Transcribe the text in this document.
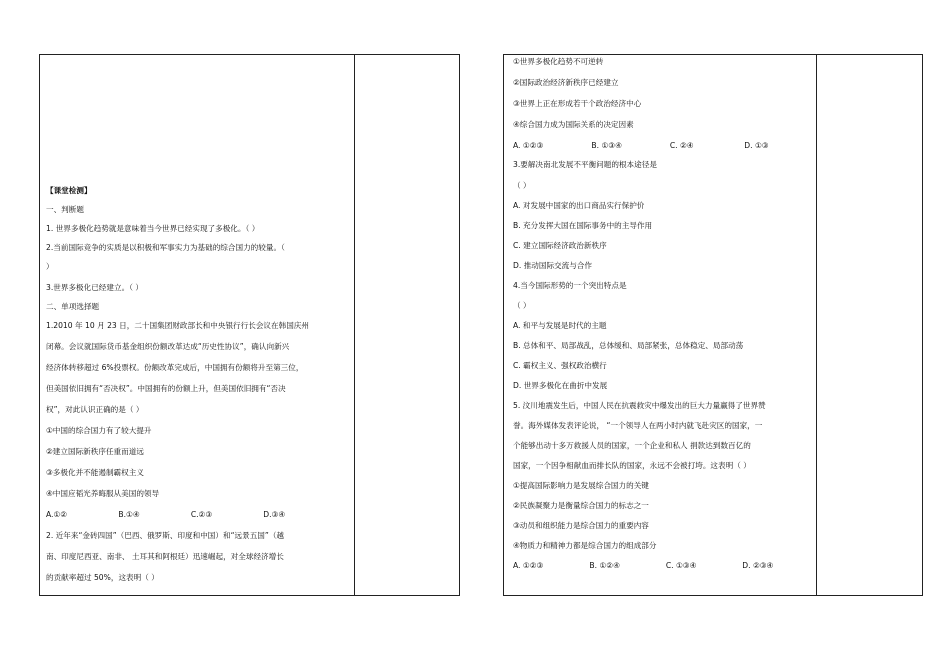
【课堂检测】
一、判断题
1. 世界多极化趋势就是意味着当今世界已经实现了多极化。（ ）
2.当前国际竞争的实质是以积极和军事实力为基础的综合国力的较量。（
）
3.世界多极化已经建立。（ ）
二、单项选择题
1.2010 年 10 月 23 日，二十国集团财政部长和中央银行行长会议在韩国庆州
闭幕。会议就国际货币基金组织份额改革达成“历史性协议”，确认向新兴
经济体转移超过 6%投票权。份额改革完成后，中国拥有份额将升至第三位，
但美国依旧拥有“否决权”。中国拥有的份额上升，但美国依旧拥有“否决
权”，对此认识正确的是（ ）
①中国的综合国力有了较大提升
②建立国际新秩序任重而道远
③多极化并不能遏制霸权主义
④中国应韬光养晦服从美国的领导
A.①②	B.①④	C.②③	D.③④
2. 近年来“金砖四国”（巴西、俄罗斯、印度和中国）和“远景五国”（越
南、印度尼西亚、南非、 土耳其和阿根廷）迅速崛起，对全球经济增长
的贡献率超过 50%，这表明（ ）
①世界多极化趋势不可逆转
②国际政治经济新秩序已经建立
③世界上正在形成若干个政治经济中心
④综合国力成为国际关系的决定因素
A. ①②③	B. ①③④	C. ②④	D. ①③
3.要解决南北发展不平衡问题的根本途径是
（ ）
A. 对发展中国家的出口商品实行保护价
B. 充分发挥大国在国际事务中的主导作用
C. 建立国际经济政治新秩序
D. 推动国际交流与合作
4.当今国际形势的一个突出特点是
（ ）
A. 和平与发展是时代的主题
B. 总体和平、局部战乱，总体缓和、局部紧张，总体稳定、局部动荡
C. 霸权主义、强权政治横行
D. 世界多极化在曲折中发展
5. 汶川地震发生后，中国人民在抗震救灾中爆发出的巨大力量赢得了世界赞
誉。海外媒体发表评论说， “一个领导人在两小时内就飞赴灾区的国家，一
个能够出动十多万救援人员的国家，一个企业和私人 捐款达到数百亿的
国家，一个因争相献血而排长队的国家，永远不会被打垮。这表明（ ）
①提高国际影响力是发展综合国力的关键
②民族凝聚力是衡量综合国力的标志之一
③动员和组织能力是综合国力的重要内容
④物质力和精神力都是综合国力的组成部分
A. ①②③	B. ①②④	C. ①③④	D. ②③④
